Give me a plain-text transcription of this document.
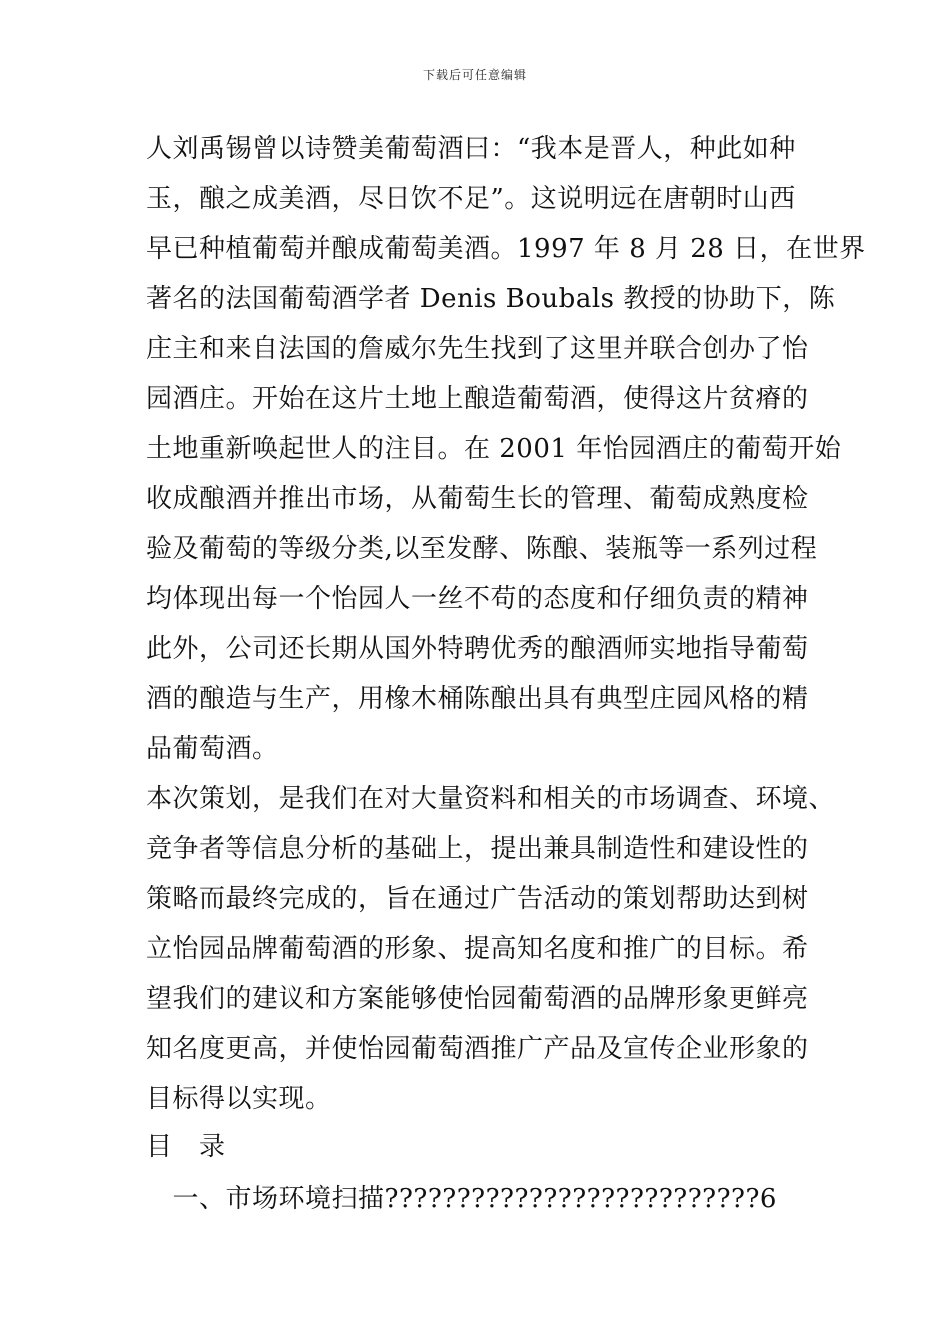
下载后可任意编辑
人刘禹锡曾以诗赞美葡萄酒曰：“我本是晋人，种此如种
玉，酿之成美酒，尽日饮不足”。这说明远在唐朝时山西
早已种植葡萄并酿成葡萄美酒。1997 年 8 月 28 日，在世界
著名的法国葡萄酒学者 Denis Boubals 教授的协助下，陈
庄主和来自法国的詹威尔先生找到了这里并联合创办了怡
园酒庄。开始在这片土地上酿造葡萄酒，使得这片贫瘠的
土地重新唤起世人的注目。在 2001 年怡园酒庄的葡萄开始
收成酿酒并推出市场，从葡萄生长的管理、葡萄成熟度检
验及葡萄的等级分类,以至发酵、陈酿、装瓶等一系列过程
均体现出每一个怡园人一丝不苟的态度和仔细负责的精神
此外，公司还长期从国外特聘优秀的酿酒师实地指导葡萄
酒的酿造与生产，用橡木桶陈酿出具有典型庄园风格的精
品葡萄酒。
本次策划，是我们在对大量资料和相关的市场调查、环境、
竞争者等信息分析的基础上，提出兼具制造性和建设性的
策略而最终完成的，旨在通过广告活动的策划帮助达到树
立怡园品牌葡萄酒的形象、提高知名度和推广的目标。希
望我们的建议和方案能够使怡园葡萄酒的品牌形象更鲜亮
知名度更高，并使怡园葡萄酒推广产品及宣传企业形象的
目标得以实现。
目　录
　一、市场环境扫描??????????????????????????6
